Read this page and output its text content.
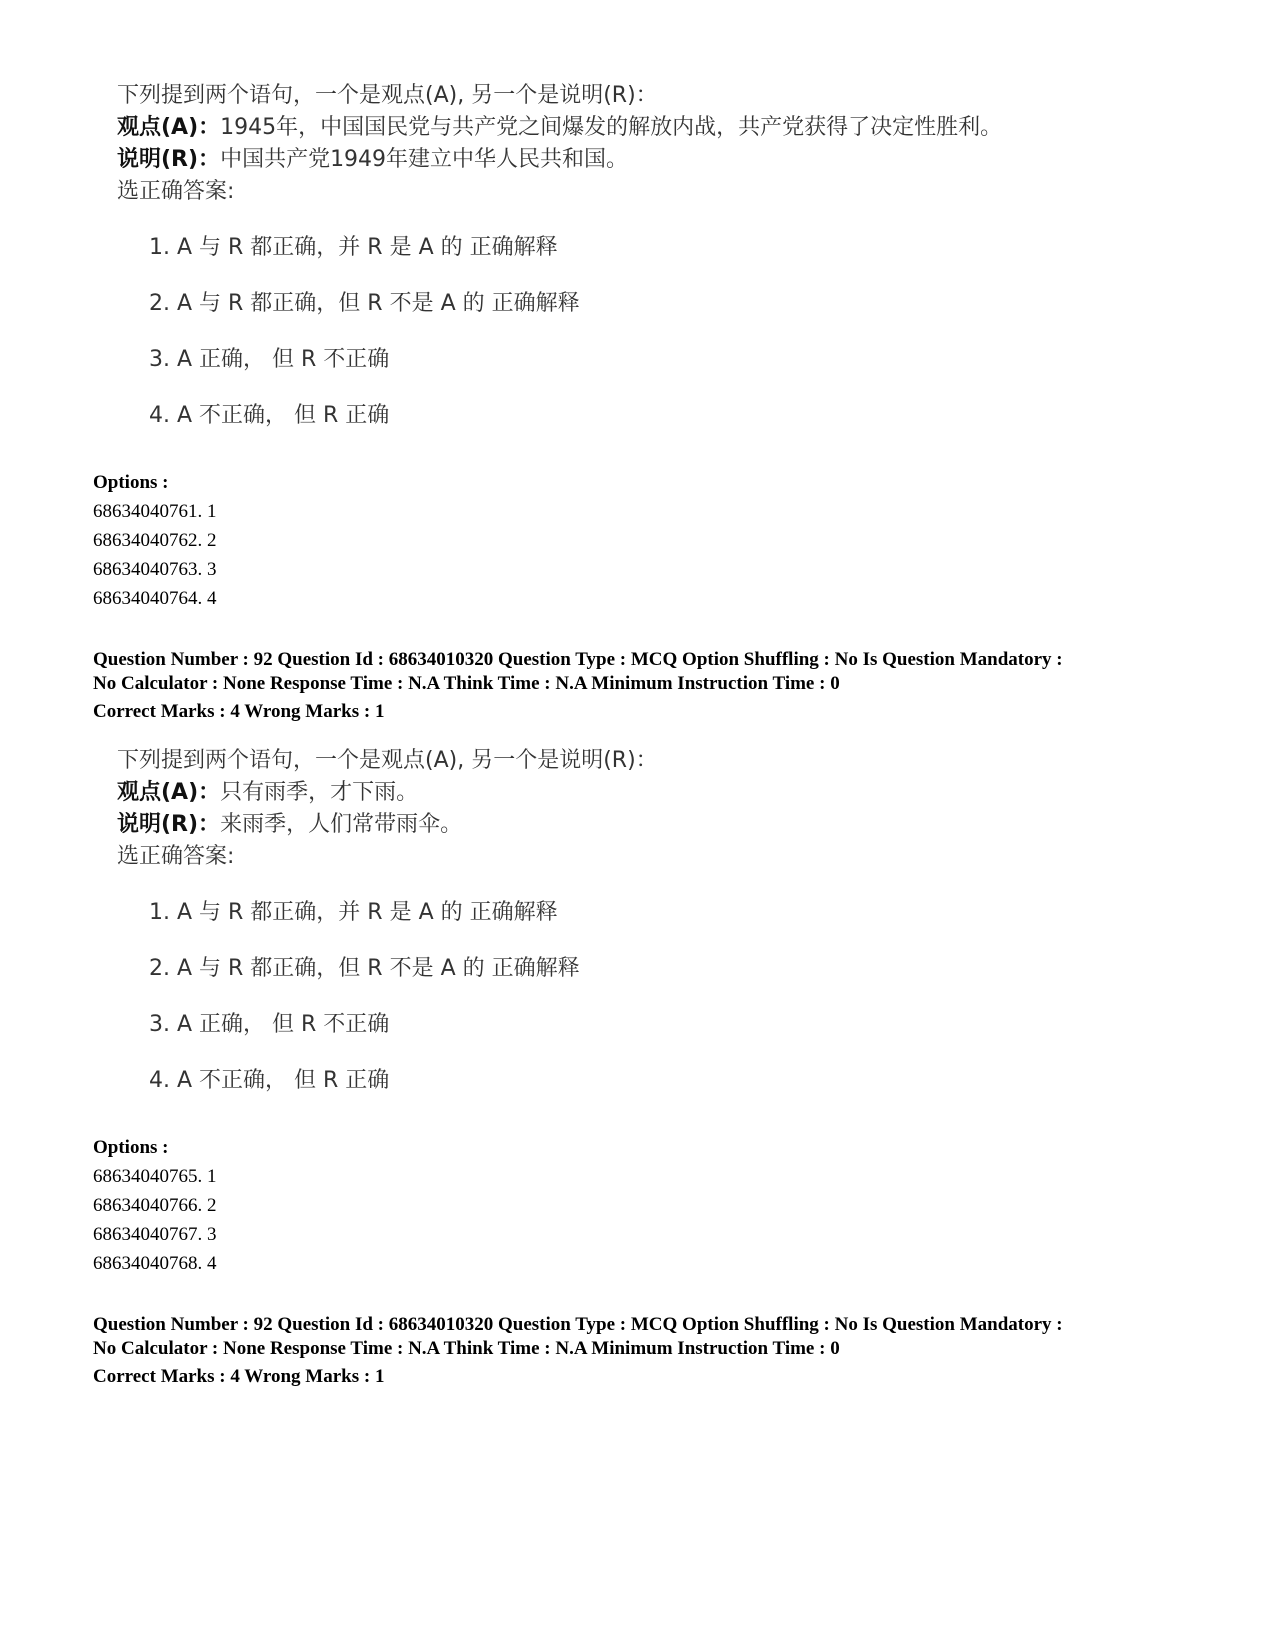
下列提到两个语句，一个是观点(A), 另一个是说明(R)：
观点(A)：1945年，中国国民党与共产党之间爆发的解放内战，共产党获得了决定性胜利。
说明(R)：中国共产党1949年建立中华人民共和国。
选正确答案:
1. A 与 R 都正确，并 R 是 A 的 正确解释
2. A 与 R 都正确，但 R 不是 A 的 正确解释
3. A 正确， 但 R 不正确
4. A 不正确， 但 R 正确
Options :
68634040761. 1
68634040762. 2
68634040763. 3
68634040764. 4
Question Number : 92 Question Id : 68634010320 Question Type : MCQ Option Shuffling : No Is Question Mandatory :
No Calculator : None Response Time : N.A Think Time : N.A Minimum Instruction Time : 0
Correct Marks : 4 Wrong Marks : 1
下列提到两个语句，一个是观点(A), 另一个是说明(R)：
观点(A)：只有雨季，才下雨。
说明(R)：来雨季，人们常带雨伞。
选正确答案:
1. A 与 R 都正确，并 R 是 A 的 正确解释
2. A 与 R 都正确，但 R 不是 A 的 正确解释
3. A 正确， 但 R 不正确
4. A 不正确， 但 R 正确
Options :
68634040765. 1
68634040766. 2
68634040767. 3
68634040768. 4
Question Number : 92 Question Id : 68634010320 Question Type : MCQ Option Shuffling : No Is Question Mandatory :
No Calculator : None Response Time : N.A Think Time : N.A Minimum Instruction Time : 0
Correct Marks : 4 Wrong Marks : 1
